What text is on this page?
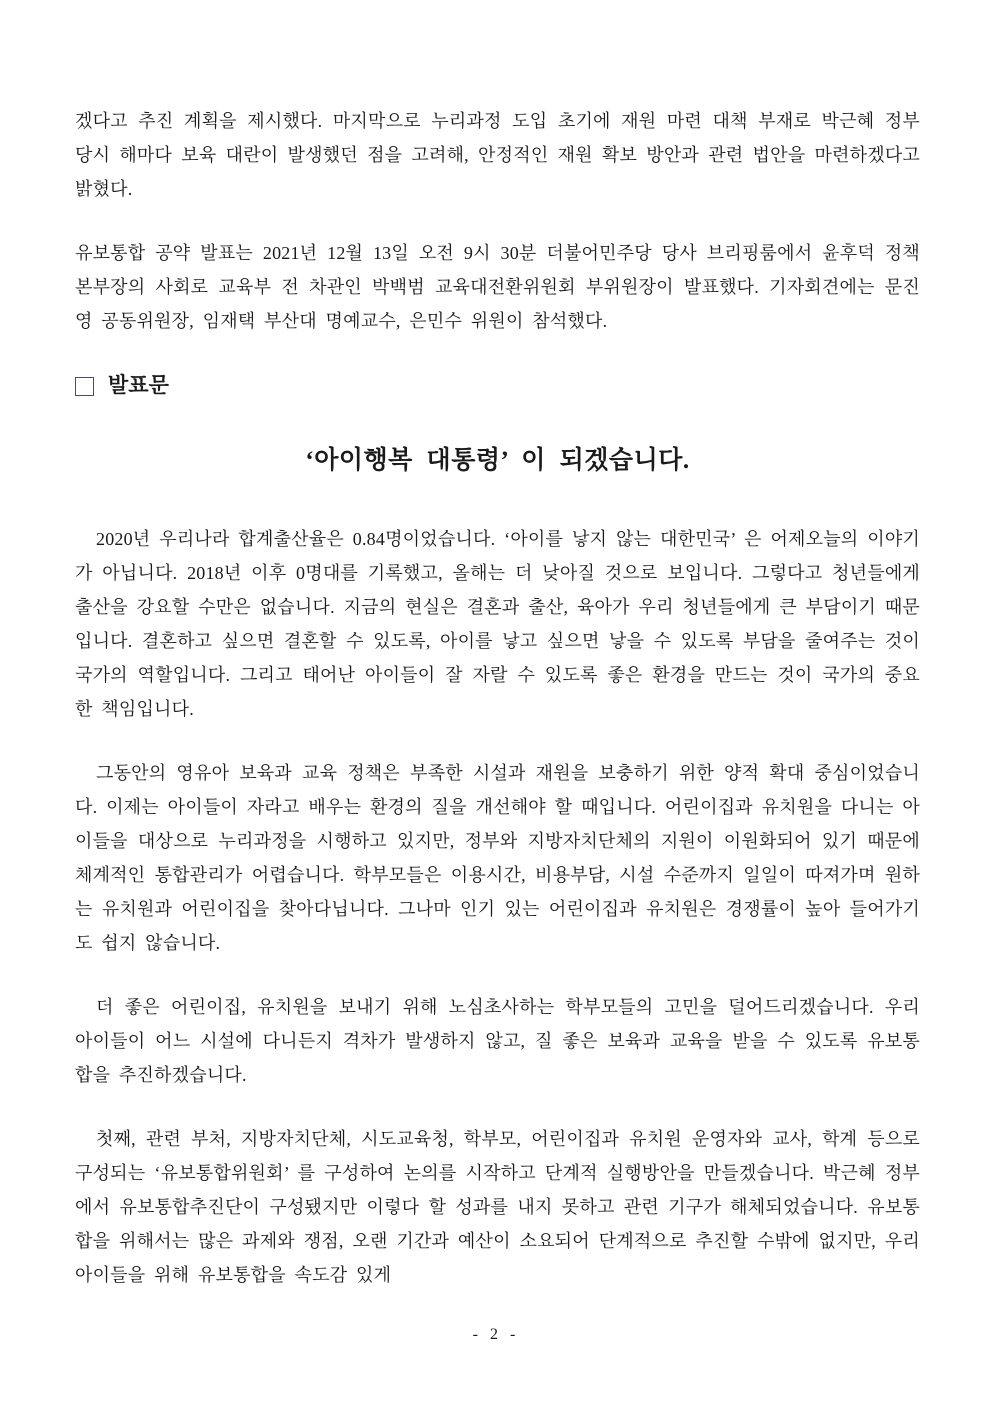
겠다고 추진 계획을 제시했다. 마지막으로 누리과정 도입 초기에 재원 마련 대책 부재로 박근혜 정부 당시 해마다 보육 대란이 발생했던 점을 고려해, 안정적인 재원 확보 방안과 관련 법안을 마련하겠다고 밝혔다.

유보통합 공약 발표는 2021년 12월 13일 오전 9시 30분 더불어민주당 당사 브리핑룸에서 윤후덕 정책본부장의 사회로 교육부 전 차관인 박백범 교육대전환위원회 부위원장이 발표했다. 기자회견에는 문진영 공동위원장, 임재택 부산대 명예교수, 은민수 위원이 참석했다.

발표문
‘아이행복 대통령’ 이 되겠습니다.

2020년 우리나라 합계출산율은 0.84명이었습니다. ‘아이를 낳지 않는 대한민국’ 은 어제오늘의 이야기가 아닙니다. 2018년 이후 0명대를 기록했고, 올해는 더 낮아질 것으로 보입니다. 그렇다고 청년들에게 출산을 강요할 수만은 없습니다. 지금의 현실은 결혼과 출산, 육아가 우리 청년들에게 큰 부담이기 때문입니다. 결혼하고 싶으면 결혼할 수 있도록, 아이를 낳고 싶으면 낳을 수 있도록 부담을 줄여주는 것이 국가의 역할입니다. 그리고 태어난 아이들이 잘 자랄 수 있도록 좋은 환경을 만드는 것이 국가의 중요한 책임입니다.

그동안의 영유아 보육과 교육 정책은 부족한 시설과 재원을 보충하기 위한 양적 확대 중심이었습니다. 이제는 아이들이 자라고 배우는 환경의 질을 개선해야 할 때입니다. 어린이집과 유치원을 다니는 아이들을 대상으로 누리과정을 시행하고 있지만, 정부와 지방자치단체의 지원이 이원화되어 있기 때문에 체계적인 통합관리가 어렵습니다. 학부모들은 이용시간, 비용부담, 시설 수준까지 일일이 따져가며 원하는 유치원과 어린이집을 찾아다닙니다. 그나마 인기 있는 어린이집과 유치원은 경쟁률이 높아 들어가기도 쉽지 않습니다.

더 좋은 어린이집, 유치원을 보내기 위해 노심초사하는 학부모들의 고민을 덜어드리겠습니다. 우리 아이들이 어느 시설에 다니든지 격차가 발생하지 않고, 질 좋은 보육과 교육을 받을 수 있도록 유보통합을 추진하겠습니다.

첫째, 관련 부처, 지방자치단체, 시도교육청, 학부모, 어린이집과 유치원 운영자와 교사, 학계 등으로 구성되는 ‘유보통합위원회’ 를 구성하여 논의를 시작하고 단계적 실행방안을 만들겠습니다. 박근혜 정부에서 유보통합추진단이 구성됐지만 이렇다 할 성과를 내지 못하고 관련 기구가 해체되었습니다. 유보통합을 위해서는 많은 과제와 쟁점, 오랜 기간과 예산이 소요되어 단계적으로 추진할 수밖에 없지만, 우리 아이들을 위해 유보통합을 속도감 있게

- 2 -
